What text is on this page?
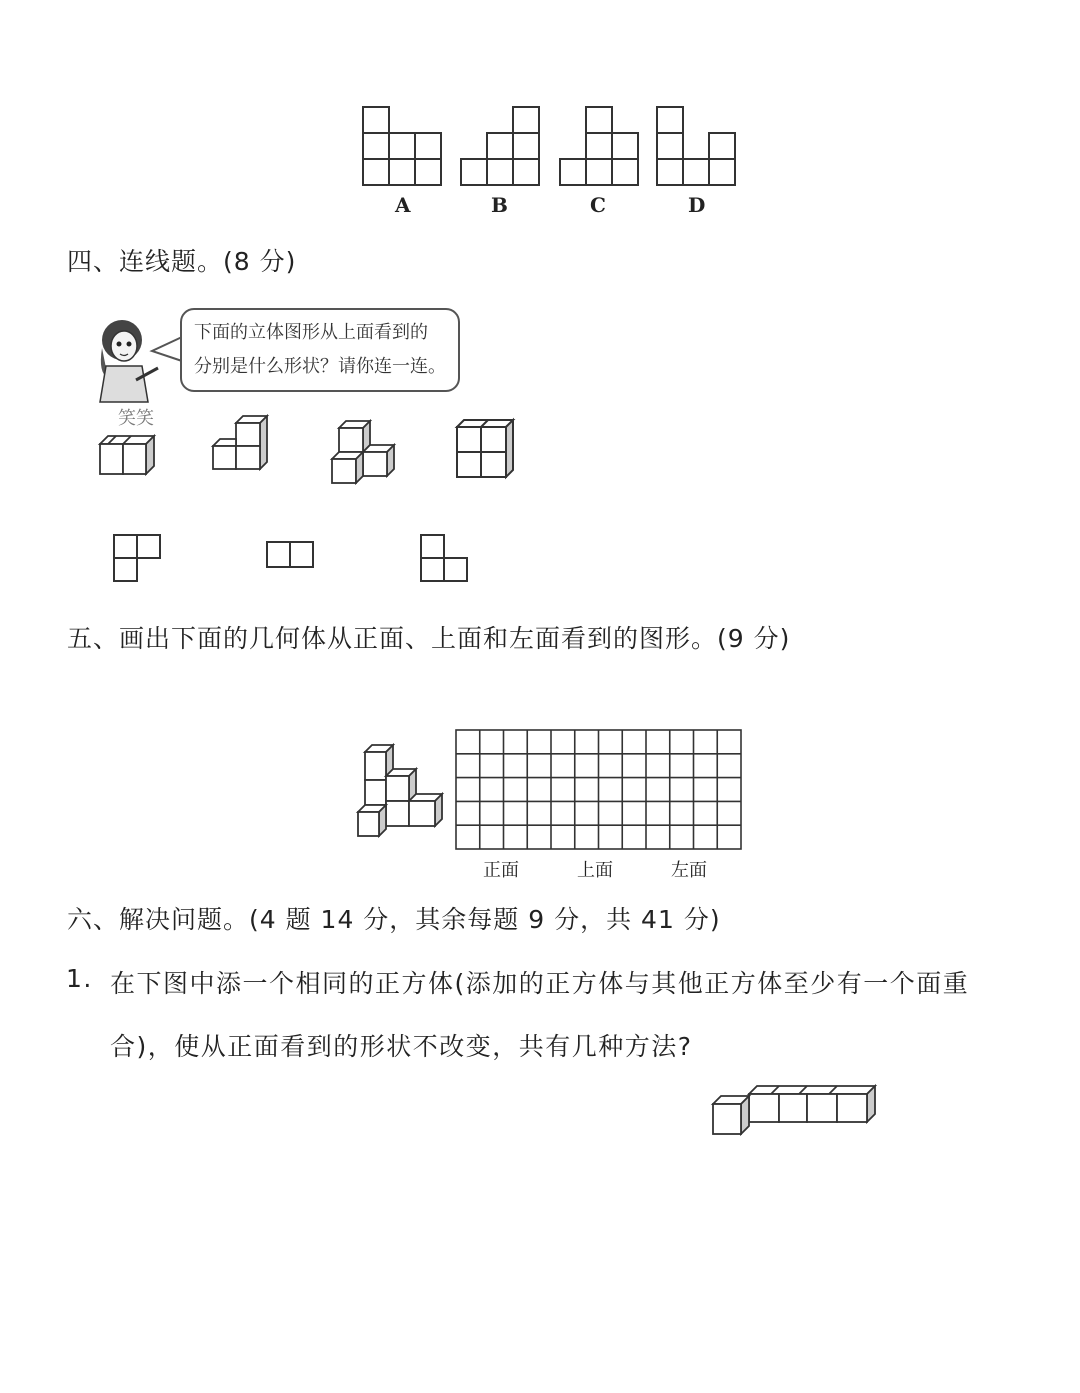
A	B	C	D
四、连线题。(8 分)
笑笑
下面的立体图形从上面看到的
分别是什么形状？请你连一连。
五、画出下面的几何体从正面、上面和左面看到的图形。(9 分)
正面	上面	左面
六、解决问题。(4 题 14 分，其余每题 9 分，共 41 分)
1. 在下图中添一个相同的正方体(添加的正方体与其他正方体至少有一个面重
合)，使从正面看到的形状不改变，共有几种方法?
